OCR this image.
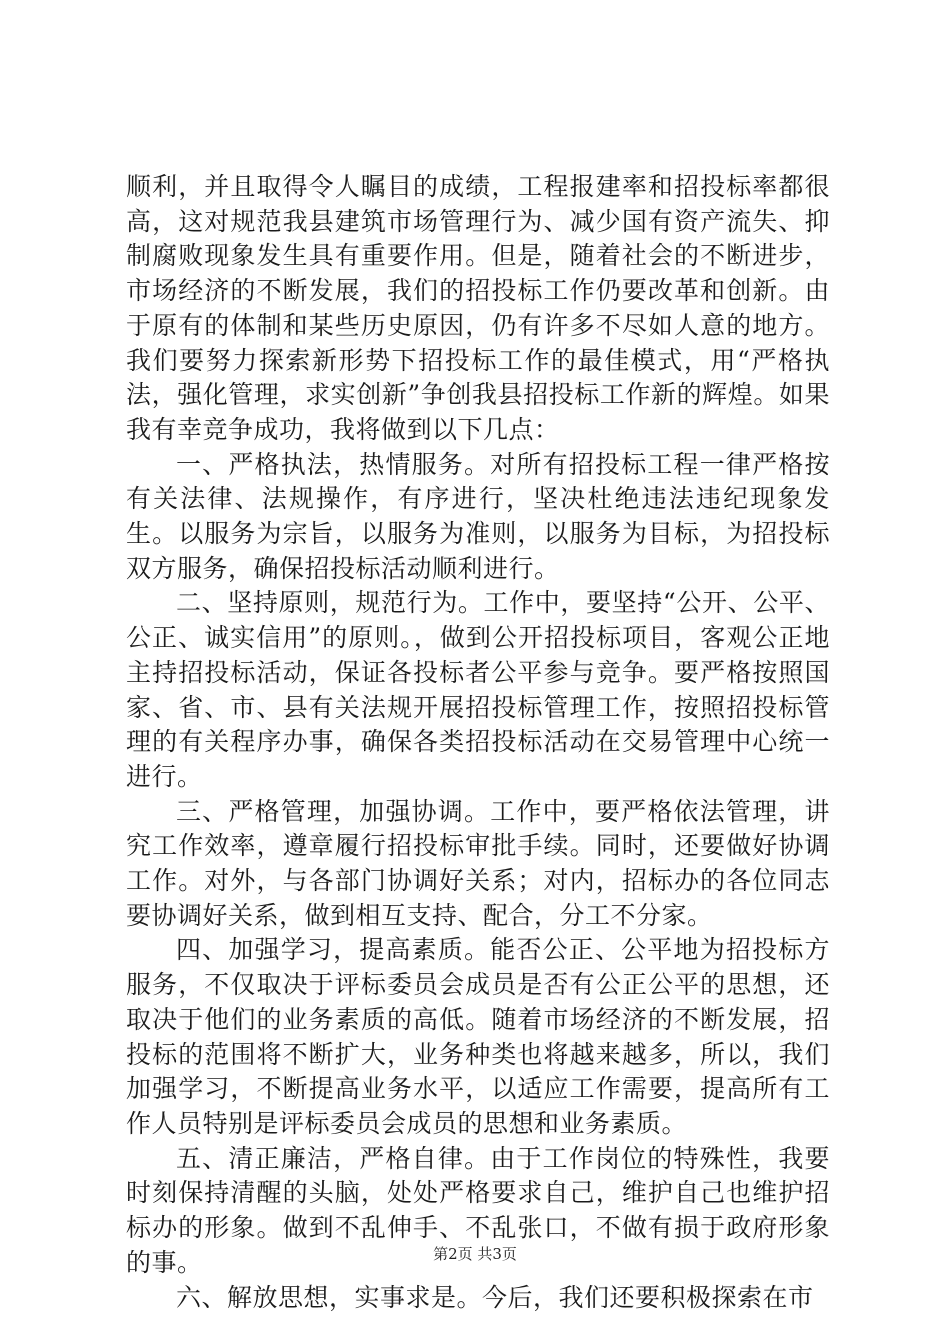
顺利，并且取得令人瞩目的成绩，工程报建率和招投标率都很高，这对规范我县建筑市场管理行为、减少国有资产流失、抑制腐败现象发生具有重要作用。但是，随着社会的不断进步，市场经济的不断发展，我们的招投标工作仍要改革和创新。由于原有的体制和某些历史原因，仍有许多不尽如人意的地方。我们要努力探索新形势下招投标工作的最佳模式，用“严格执法，强化管理，求实创新”争创我县招投标工作新的辉煌。如果我有幸竞争成功，我将做到以下几点：

一、严格执法，热情服务。对所有招投标工程一律严格按有关法律、法规操作，有序进行，坚决杜绝违法违纪现象发生。以服务为宗旨，以服务为准则，以服务为目标，为招投标双方服务，确保招投标活动顺利进行。

二、坚持原则，规范行为。工作中，要坚持“公开、公平、公正、诚实信用”的原则。，做到公开招投标项目，客观公正地主持招投标活动，保证各投标者公平参与竞争。要严格按照国家、省、市、县有关法规开展招投标管理工作，按照招投标管理的有关程序办事，确保各类招投标活动在交易管理中心统一进行。

三、严格管理，加强协调。工作中，要严格依法管理，讲究工作效率，遵章履行招投标审批手续。同时，还要做好协调工作。对外，与各部门协调好关系；对内，招标办的各位同志要协调好关系，做到相互支持、配合，分工不分家。

四、加强学习，提高素质。能否公正、公平地为招投标方服务，不仅取决于评标委员会成员是否有公正公平的思想，还取决于他们的业务素质的高低。随着市场经济的不断发展，招投标的范围将不断扩大，业务种类也将越来越多，所以，我们加强学习，不断提高业务水平，以适应工作需要，提高所有工作人员特别是评标委员会成员的思想和业务素质。

五、清正廉洁，严格自律。由于工作岗位的特殊性，我要时刻保持清醒的头脑，处处严格要求自己，维护自己也维护招标办的形象。做到不乱伸手、不乱张口，不做有损于政府形象的事。

六、解放思想，实事求是。今后，我们还要积极探索在市

第2页 共3页
